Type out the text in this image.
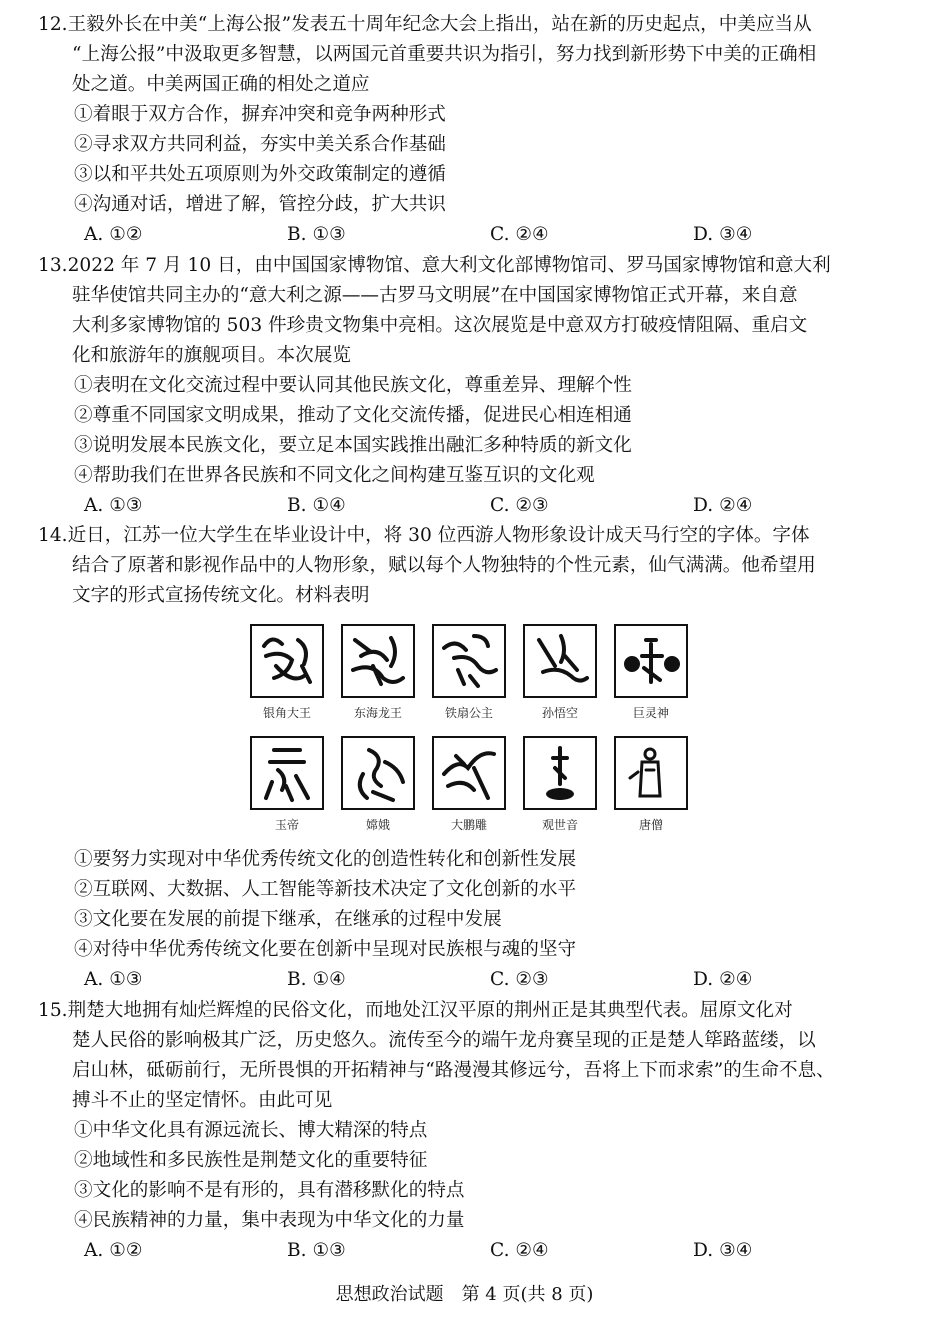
12.王毅外长在中美“上海公报”发表五十周年纪念大会上指出，站在新的历史起点，中美应当从

“上海公报”中汲取更多智慧，以两国元首重要共识为指引，努力找到新形势下中美的正确相

处之道。中美两国正确的相处之道应

①着眼于双方合作，摒弃冲突和竞争两种形式
②寻求双方共同利益，夯实中美关系合作基础
③以和平共处五项原则为外交政策制定的遵循
④沟通对话，增进了解，管控分歧，扩大共识
A. ①②	B. ①③	C. ②④	D. ③④

13.2022 年 7 月 10 日，由中国国家博物馆、意大利文化部博物馆司、罗马国家博物馆和意大利

驻华使馆共同主办的“意大利之源——古罗马文明展”在中国国家博物馆正式开幕，来自意

大利多家博物馆的 503 件珍贵文物集中亮相。这次展览是中意双方打破疫情阻隔、重启文

化和旅游年的旗舰项目。本次展览

①表明在文化交流过程中要认同其他民族文化，尊重差异、理解个性
②尊重不同国家文明成果，推动了文化交流传播，促进民心相连相通
③说明发展本民族文化，要立足本国实践推出融汇多种特质的新文化
④帮助我们在世界各民族和不同文化之间构建互鉴互识的文化观
A. ①③	B. ①④	C. ②③	D. ②④

14.近日，江苏一位大学生在毕业设计中，将 30 位西游人物形象设计成天马行空的字体。字体

结合了原著和影视作品中的人物形象，赋以每个人物独特的个性元素，仙气满满。他希望用

文字的形式宣扬传统文化。材料表明

银角大王	东海龙王	铁扇公主	孙悟空	巨灵神
玉帝	嫦娥	大鹏雕	观世音	唐僧
①要努力实现对中华优秀传统文化的创造性转化和创新性发展
②互联网、大数据、人工智能等新技术决定了文化创新的水平
③文化要在发展的前提下继承，在继承的过程中发展
④对待中华优秀传统文化要在创新中呈现对民族根与魂的坚守
A. ①③	B. ①④	C. ②③	D. ②④

15.荆楚大地拥有灿烂辉煌的民俗文化，而地处江汉平原的荆州正是其典型代表。屈原文化对

楚人民俗的影响极其广泛，历史悠久。流传至今的端午龙舟赛呈现的正是楚人筚路蓝缕，以

启山林，砥砺前行，无所畏惧的开拓精神与“路漫漫其修远兮，吾将上下而求索”的生命不息、

搏斗不止的坚定情怀。由此可见

①中华文化具有源远流长、博大精深的特点
②地域性和多民族性是荆楚文化的重要特征
③文化的影响不是有形的，具有潜移默化的特点
④民族精神的力量，集中表现为中华文化的力量
A. ①②	B. ①③	C. ②④	D. ③④
思想政治试题　第 4 页(共 8 页)
